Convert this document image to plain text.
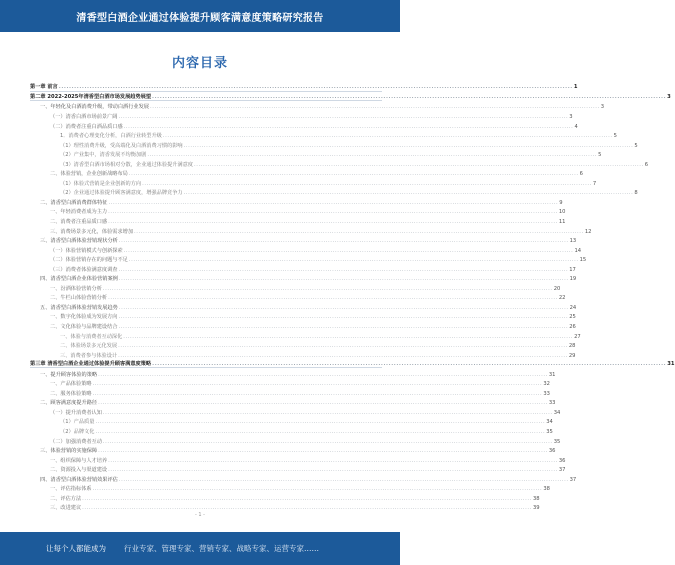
清香型白酒企业通过体验提升顾客满意度策略研究报告
内容目录
第一章 前言 ........................................................................................................................................................................................................ 1
第二章 2022-2025年清香型白酒市场发展趋势展望 ........................................................................................................................................................................................................ 3
一、年轻化及白酒消费升级，带动白酒行业发展 ........................................................................................................................................................................................................ 3
（一）清香白酒市场前景广阔 ........................................................................................................................................................................................................ 3
（二）消费者注重白酒品质口感 ........................................................................................................................................................................................................ 4
1．消费者心理变化分析，白酒行业转型升级 ........................................................................................................................................................................................................ 5
（1）理性消费升级，受高端化及白酒消费习惯的影响 ........................................................................................................................................................................................................ 5
（2）产业集中，清香发展不均衡加剧 ........................................................................................................................................................................................................ 5
（3）清香型白酒市场相对分散，企业通过体验提升满意度 ........................................................................................................................................................................................................ 6
二、体验营销，企业创新战略布局 ........................................................................................................................................................................................................ 6
（1）体验式营销是企业创新的方向 ........................................................................................................................................................................................................ 7
（2）企业通过体验提升顾客满意度，增强品牌竞争力 ........................................................................................................................................................................................................ 8
二、清香型白酒消费群体特征 ........................................................................................................................................................................................................ 9
一、年轻消费者成为主力 ........................................................................................................................................................................................................ 10
二、消费者注重品质口感 ........................................................................................................................................................................................................ 11
三、消费场景多元化，体验需求增加 ........................................................................................................................................................................................................ 12
三、清香型白酒体验营销现状分析 ........................................................................................................................................................................................................ 13
（一）体验营销模式与创新探索 ........................................................................................................................................................................................................ 14
（二）体验营销存在的问题与不足 ........................................................................................................................................................................................................ 15
（三）消费者体验满意度调查 ........................................................................................................................................................................................................ 17
四、清香型白酒企业体验营销案例 ........................................................................................................................................................................................................ 19
一、汾酒体验营销分析 ........................................................................................................................................................................................................ 20
二、牛栏山体验营销分析 ........................................................................................................................................................................................................ 22
五、清香型白酒体验营销发展趋势 ........................................................................................................................................................................................................ 24
一、数字化体验成为发展方向 ........................................................................................................................................................................................................ 25
二、文化体验与品牌建设结合 ........................................................................................................................................................................................................ 26
一、体验与消费者互动深化 ........................................................................................................................................................................................................ 27
二、体验场景多元化发展 ........................................................................................................................................................................................................ 28
三、消费者参与体验设计 ........................................................................................................................................................................................................ 29
第三章 清香型白酒企业通过体验提升顾客满意度策略 ........................................................................................................................................................................................................ 31
一、提升顾客体验的策略 ........................................................................................................................................................................................................ 31
一、产品体验策略 ........................................................................................................................................................................................................ 32
二、服务体验策略 ........................................................................................................................................................................................................ 33
二、顾客满意度提升路径 ........................................................................................................................................................................................................ 33
（一）提升消费者认知 ........................................................................................................................................................................................................ 34
（1）产品质量 ........................................................................................................................................................................................................ 34
（2）品牌文化 ........................................................................................................................................................................................................ 35
（二）加强消费者互动 ........................................................................................................................................................................................................ 35
三、体验营销的实施保障 ........................................................................................................................................................................................................ 36
一、组织保障与人才培养 ........................................................................................................................................................................................................ 36
二、资源投入与渠道建设 ........................................................................................................................................................................................................ 37
四、清香型白酒体验营销效果评估 ........................................................................................................................................................................................................ 37
一、评估指标体系 ........................................................................................................................................................................................................ 38
二、评估方法 ........................................................................................................................................................................................................ 38
三、改进建议 ........................................................................................................................................................................................................ 39
- 1 -
让每个人都能成为 行业专家、管理专家、营销专家、战略专家、运营专家……
